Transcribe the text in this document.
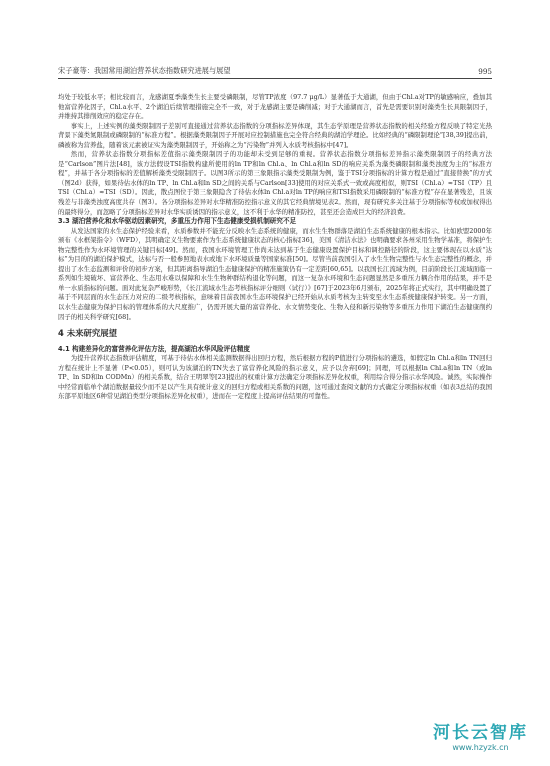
宋子豪等：我国常用湖泊营养状态指数研究进展与展望	995

均处于较低水平；相比较而言，龙感湖夏季藻类生长主要受磷限制，尽管TP浓度（97.7 μg/L）显著低于大通湖，但由于Chl.a对TP的敏感响应，叠加其他富营养化因子，Chl.a水平、2个湖泊后续管理措施完全不一致，对于龙感湖主要是磷削减；对于大通湖而言，首先是需要识别对藻类生长具限制因子，并维持其排削效应的稳定存在。

事实上，上述实例的藻类限制因子差别可直接通过营养状态指数的分项指标差异体现，其生态学原理是营养状态指数的相关经验方程反映了特定光热背景下藻类氮限制或磷限制的“标准方程”。根据藻类限制因子开展对应控制措施也完全符合经典的湖泊学理论。比如经典的“磷限制理论”[38,39]提出前，磷被称为营养盐，随着该元素被证实为藻类限制因子，开始称之为“污染物”并列入水质考核指标中[47]。

然而，营养状态指数分项指标差值指示藻类限制因子的功能却未受到足够的重视。营养状态指数分项指标差异指示藻类限制因子的经典方法是“Carlson”图片法[48]，该方法假设TSI指数构建所使用的ln TP和ln Chl.a、ln Chl.a和ln SD的响应关系为藻类磷限制和藻类浊度为主的“标准方程”，并基于各分项指标的差值解析藻类受限制因子。以图3所示的第三象限指示藻类受限制为例，鉴于TSI分项指标的计算方程是通过“直接替换”的方式（图2d）获得，如果待估水体的ln TP、ln Chl.a和ln SD之间的关系与Carlson[33]使用的对应关系式一致或高度相似，则TSI（Chl.a）≈TSI（TP）且TSI（Chl.a）≈TSI（SD）。因此，散点图位于第三象限隐含了待估水体ln Chl.a对ln TP的响应和TSI指数采用磷限制的“标准方程”存在显著残差，且该残差与非藻类浊度高度共存（图3）。各分项指标差异对水华精准防控指示意义的其它经典情境见表2。然而，现有研究多关注基于分项指标等权或加权得出的最终得分，而忽略了分项指标差异对水华实质诱因的指示意义，这不利于水华的精准防控，甚至还会造成巨大的经济浪费。

3.3 湖泊营养化和水华驱动因素研究，多重压力作用下生态健康受损机制研究不足

从发达国家的水生态保护经验来看，水质参数并不能充分反映水生态系统的健康，而水生生物群落是湖泊生态系统健康的根本指示。比如欧盟2000年颁布《水框架指令》（WFD），其明确定义生物要素作为生态系统健康状态的核心指标[36]，美国《清洁水法》也明确要求各州采用生物学基准，将保护生物完整性作为水环境管理的关键目标[49]。然而，我国水环境管理工作尚未达到基于生态健康设置保护目标和调控路径的阶段，这主要体现在以水质“达标”为目的的湖泊保护模式，达标与否一般参照地表水或地下水环境质量等国家标准[50]。尽管当前我国引入了水生生物完整性与水生态完整性的概念，并提出了水生态监测和评价的初步方案，但其距离指导湖泊生态健康保护的精准施策仍有一定差距[60,65]。以我国长江流域为例，目前阶段长江流域面临一系列如生境破坏、富营养化、生态用水难以保障和水生生物种群结构退化等问题，而这一复杂水环境和生态问题显然是多重压力耦合作用的结果，并不是单一水质指标的问题。面对此复杂严峻形势，《长江流域水生态考核指标评分细则（试行）》[67]于2023年6月颁布，2025年将正式实行，其中明确设置了基于不同层面的水生态压力对应的二级考核指标，意味着目前我国水生态环境保护已经开始从水质考核为主转变至水生态系统健康保护转变。另一方面，以水生态健康为保护目标的管理体系的大尺度推广，仍需开展大量的富营养化、水文情势变化、生物入侵和新污染物等多重压力作用下湖泊生态健康削约因子的相关科学研究[68]。

4 未来研究展望
4.1 构建差异化的富营养化评估方法，提高湖泊水华风险评估精度

为提升营养状态指数评估精度，可基于待估水体相关监测数据得出回归方程，然后根据方程的P值进行分项指标的遴选，如假定ln Chl.a和ln TN回归方程在统计上不显著（P<0.05），则可认为该湖泊的TN失去了富营养化风险的指示意义，应予以舍弃[69]；同理，可以根据ln Chl.a和ln TN（或ln TP、ln SD和ln CODMn）的相关系数，结合王明翠等[23]提出的权重计算方法确定分项指标差异化权重，利用综合得分指示水华风险。诚然，实际操作中经常面临单个湖泊数据量较少而不足以产生具有统计意义的回归方程或相关系数的问题，这可通过查阅文献的方式确定分项指标权重（如表3总结的我国东部平原地区6种常见湖泊类型分项指标差异化权重），进而在一定程度上提高评估结果的可靠性。

河长云智库
www.hzyzk.cn
